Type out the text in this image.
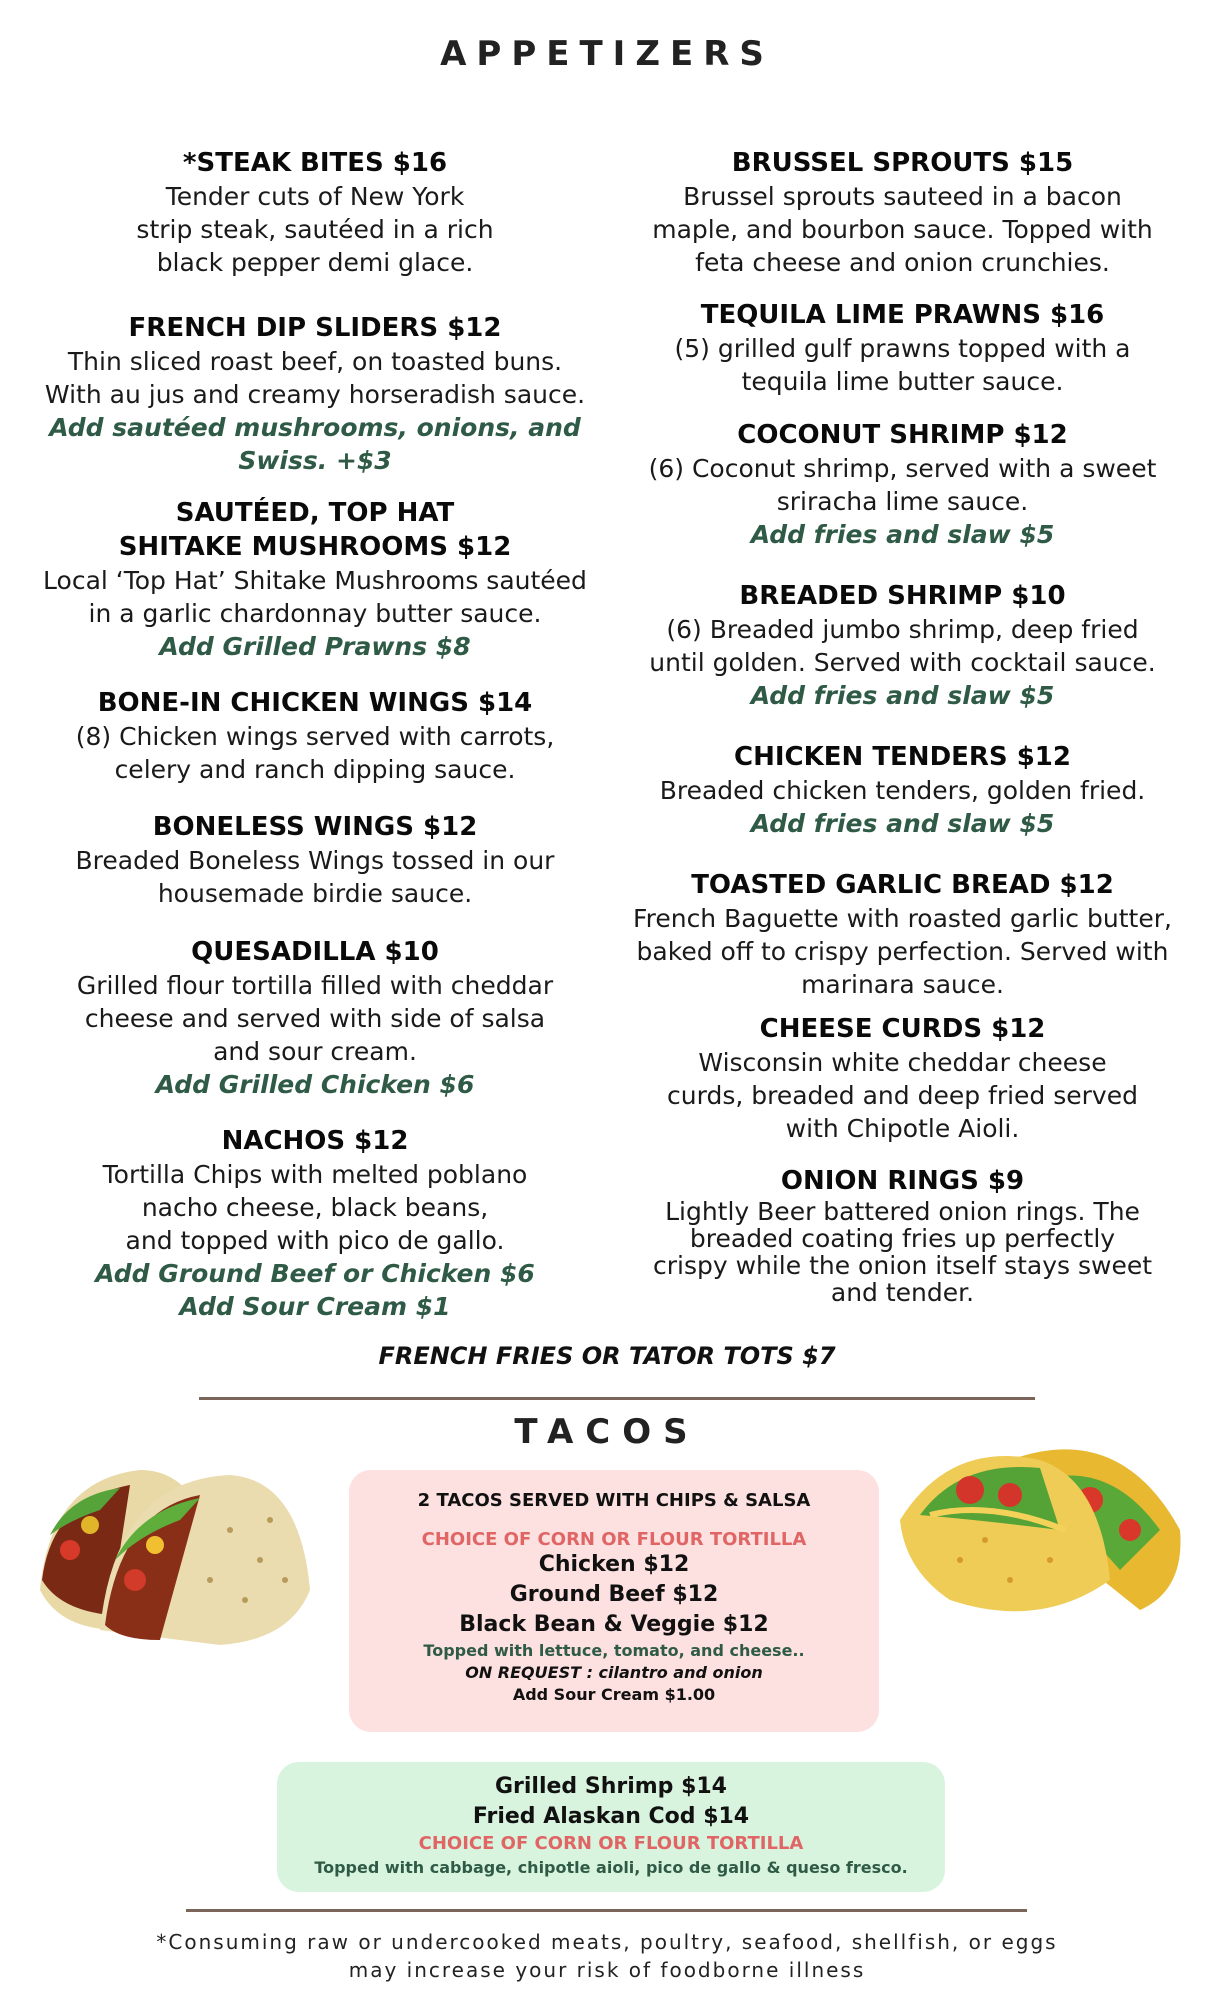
APPETIZERS
*STEAK BITES $16
Tender cuts of New York
strip steak, sautéed in a rich
black pepper demi glace.
FRENCH DIP SLIDERS $12
Thin sliced roast beef, on toasted buns.
With au jus and creamy horseradish sauce.
Add sautéed mushrooms, onions, and
Swiss. +$3
SAUTÉED, TOP HAT
SHITAKE MUSHROOMS $12
Local ‘Top Hat’ Shitake Mushrooms sautéed
in a garlic chardonnay butter sauce.
Add Grilled Prawns $8
BONE-IN CHICKEN WINGS $14
(8) Chicken wings served with carrots,
celery and ranch dipping sauce.
BONELESS WINGS $12
Breaded Boneless Wings tossed in our
housemade birdie sauce.
QUESADILLA $10
Grilled flour tortilla filled with cheddar
cheese and served with side of salsa
and sour cream.
Add Grilled Chicken $6
NACHOS $12
Tortilla Chips with melted poblano
nacho cheese, black beans,
and topped with pico de gallo.
Add Ground Beef or Chicken $6
Add Sour Cream $1
BRUSSEL SPROUTS $15
Brussel sprouts sauteed in a bacon
maple, and bourbon sauce. Topped with
feta cheese and onion crunchies.
TEQUILA LIME PRAWNS $16
(5) grilled gulf prawns topped with a
tequila lime butter sauce.
COCONUT SHRIMP $12
(6) Coconut shrimp, served with a sweet
sriracha lime sauce.
Add fries and slaw $5
BREADED SHRIMP $10
(6) Breaded jumbo shrimp, deep fried
until golden. Served with cocktail sauce.
Add fries and slaw $5
CHICKEN TENDERS $12
Breaded chicken tenders, golden fried.
Add fries and slaw $5
TOASTED GARLIC BREAD $12
French Baguette with roasted garlic butter,
baked off to crispy perfection. Served with
marinara sauce.
CHEESE CURDS $12
Wisconsin white cheddar cheese
curds, breaded and deep fried served
with Chipotle Aioli.
ONION RINGS $9
Lightly Beer battered onion rings. The
breaded coating fries up perfectly
crispy while the onion itself stays sweet
and tender.
FRENCH FRIES OR TATOR TOTS $7
TACOS
2 TACOS SERVED WITH CHIPS & SALSA
CHOICE OF CORN OR FLOUR TORTILLA
Chicken $12
Ground Beef $12
Black Bean & Veggie $12
Topped with lettuce, tomato, and cheese..
ON REQUEST : cilantro and onion
Add Sour Cream $1.00
Grilled Shrimp $14
Fried Alaskan Cod $14
CHOICE OF CORN OR FLOUR TORTILLA
Topped with cabbage, chipotle aioli, pico de gallo & queso fresco.
*Consuming raw or undercooked meats, poultry, seafood, shellfish, or eggs
may increase your risk of foodborne illness
